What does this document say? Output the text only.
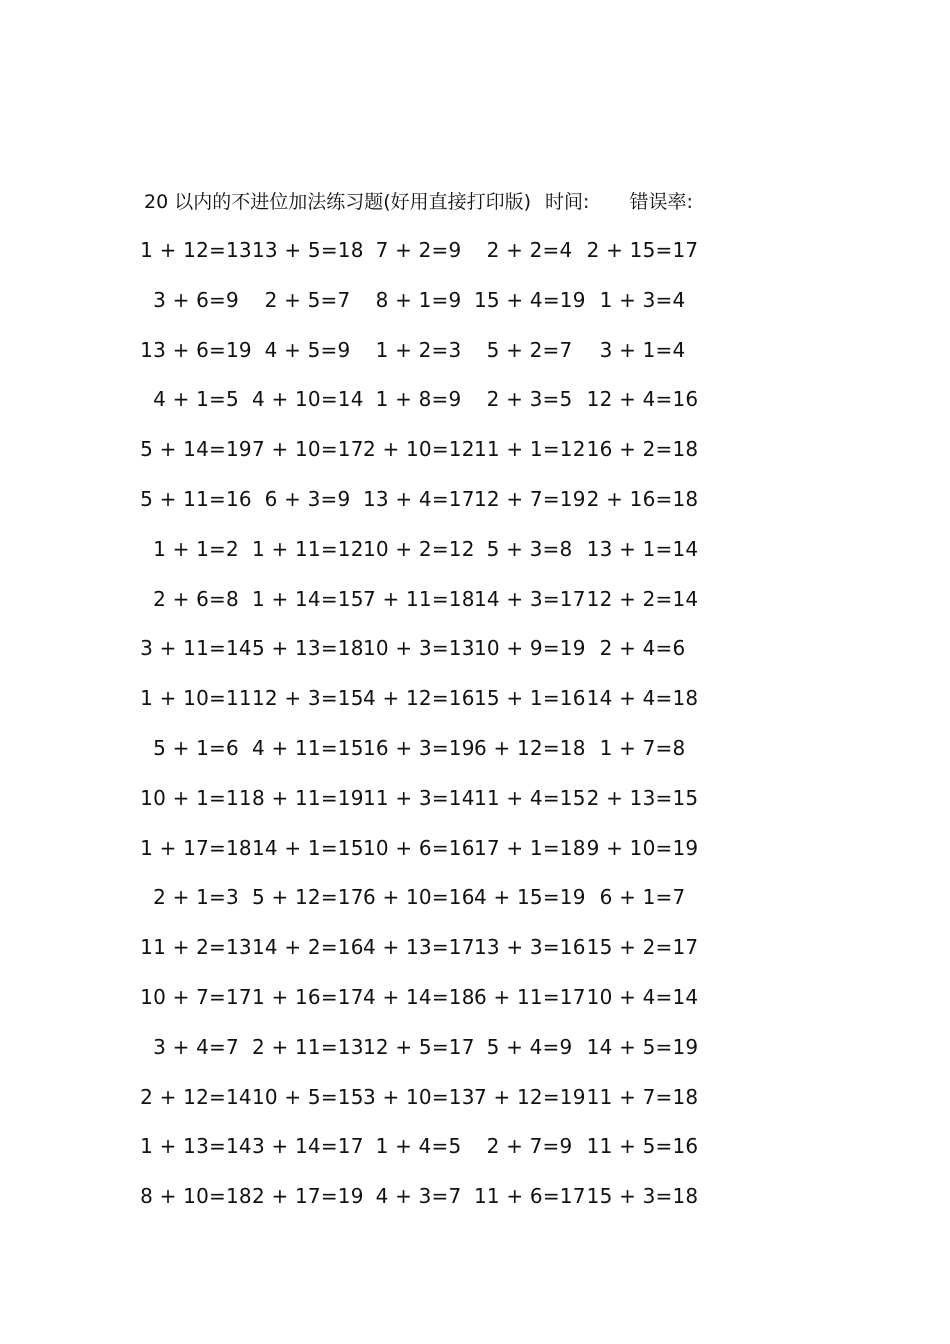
20 以内的不进位加法练习题(好用直接打印版) 时间: 错误率:
1 + 12=13 13 + 5=18 7 + 2=9	2 + 2=4 2 + 15=17
3 + 6=9	2 + 5=7	8 + 1=9 15 + 4=19 1 + 3=4
13 + 6=19 4 + 5=9	1 + 2=3	5 + 2=7	3 + 1=4
4 + 1=5 4 + 10=14 1 + 8=9	2 + 3=5 12 + 4=16
5 + 14=19 7 + 10=17 2 + 10=12 11 + 1=12 16 + 2=18
5 + 11=16 6 + 3=9 13 + 4=17 12 + 7=19 2 + 16=18
1 + 1=2 1 + 11=12 10 + 2=12 5 + 3=8 13 + 1=14
2 + 6=8 1 + 14=15 7 + 11=18 14 + 3=17 12 + 2=14
3 + 11=14 5 + 13=18 10 + 3=13 10 + 9=19 2 + 4=6
1 + 10=11 12 + 3=15 4 + 12=16 15 + 1=16 14 + 4=18
5 + 1=6 4 + 11=15 16 + 3=19 6 + 12=18 1 + 7=8
10 + 1=11 8 + 11=19 11 + 3=14 11 + 4=15 2 + 13=15
1 + 17=18 14 + 1=15 10 + 6=16 17 + 1=18 9 + 10=19
2 + 1=3 5 + 12=17 6 + 10=16 4 + 15=19 6 + 1=7
11 + 2=13 14 + 2=16 4 + 13=17 13 + 3=16 15 + 2=17
10 + 7=17 1 + 16=17 4 + 14=18 6 + 11=17 10 + 4=14
3 + 4=7 2 + 11=13 12 + 5=17 5 + 4=9 14 + 5=19
2 + 12=14 10 + 5=15 3 + 10=13 7 + 12=19 11 + 7=18
1 + 13=14 3 + 14=17 1 + 4=5	2 + 7=9 11 + 5=16
8 + 10=18 2 + 17=19 4 + 3=7 11 + 6=17 15 + 3=18
